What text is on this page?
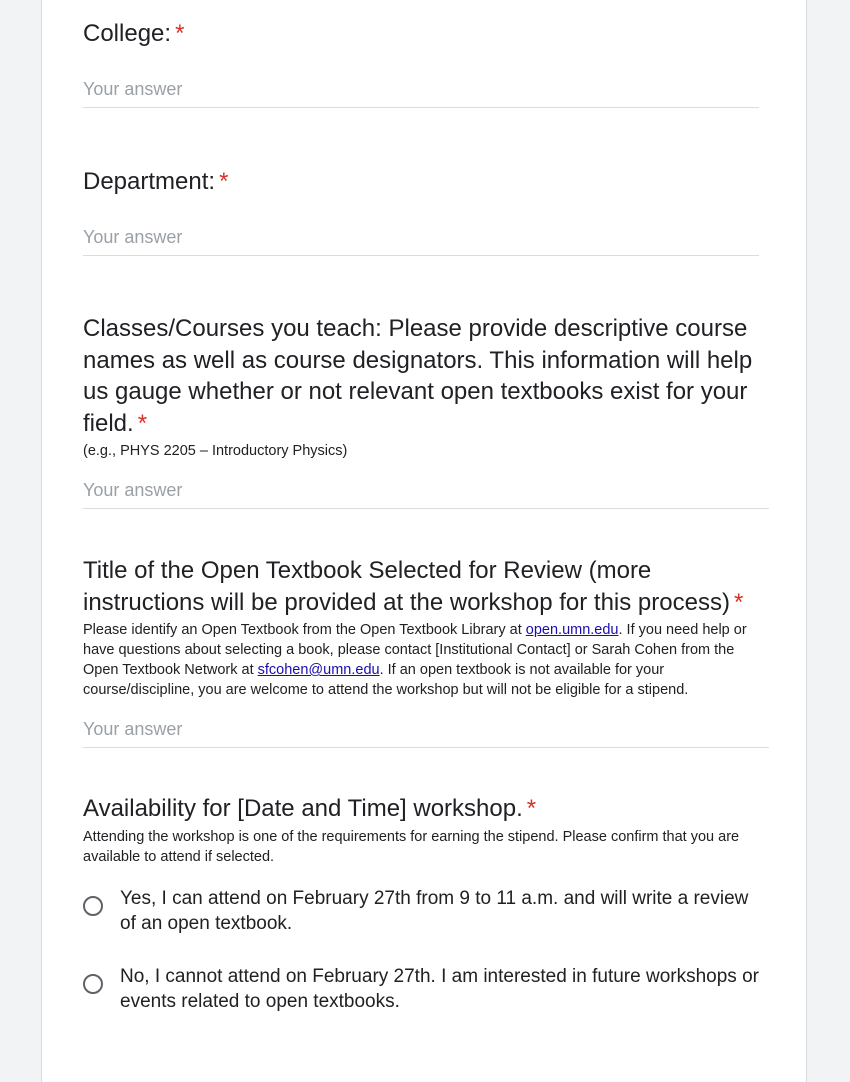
College: *
Your answer
Department: *
Your answer
Classes/Courses you teach: Please provide descriptive course names as well as course designators. This information will help us gauge whether or not relevant open textbooks exist for your field. *
(e.g., PHYS 2205 – Introductory Physics)
Your answer
Title of the Open Textbook Selected for Review (more instructions will be provided at the workshop for this process) *
Please identify an Open Textbook from the Open Textbook Library at open.umn.edu. If you need help or have questions about selecting a book, please contact [Institutional Contact] or Sarah Cohen from the Open Textbook Network at sfcohen@umn.edu. If an open textbook is not available for your course/discipline, you are welcome to attend the workshop but will not be eligible for a stipend.
Your answer
Availability for [Date and Time] workshop. *
Attending the workshop is one of the requirements for earning the stipend. Please confirm that you are available to attend if selected.
Yes, I can attend on February 27th from 9 to 11 a.m. and will write a review of an open textbook.
No, I cannot attend on February 27th. I am interested in future workshops or events related to open textbooks.
